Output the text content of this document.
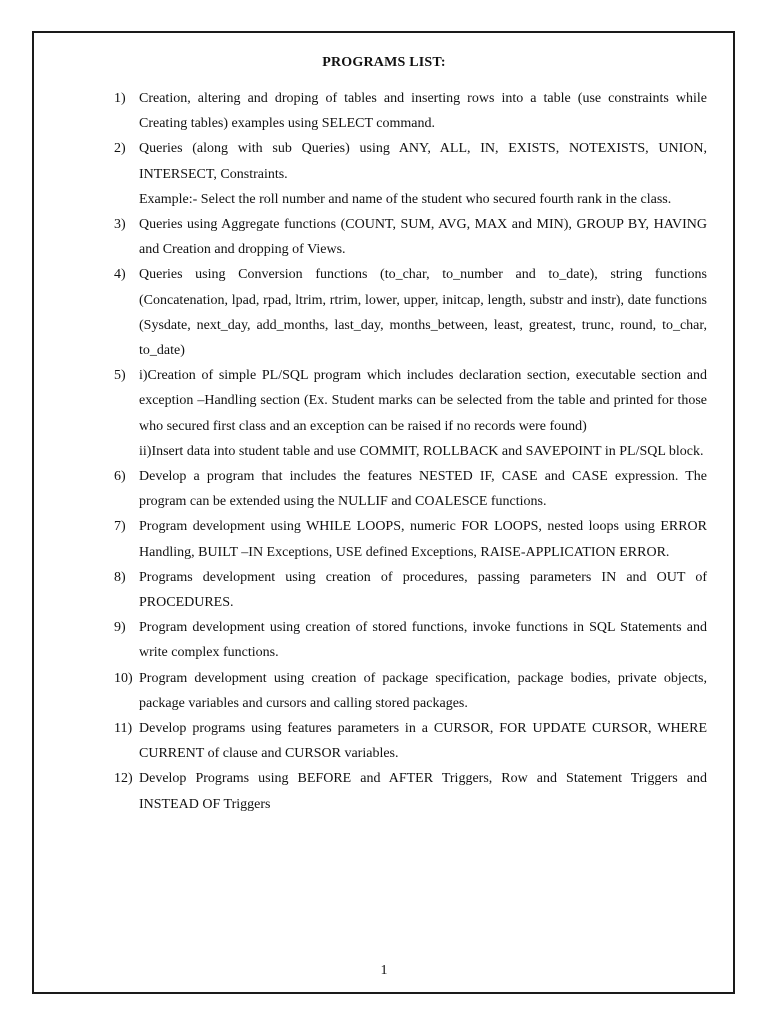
PROGRAMS LIST:
1) Creation, altering and droping of tables and inserting rows into a table (use constraints while Creating tables) examples using SELECT command.

2) Queries (along with sub Queries) using ANY, ALL, IN, EXISTS, NOTEXISTS, UNION, INTERSECT, Constraints.

Example:- Select the roll number and name of the student who secured fourth rank in the class.

3) Queries using Aggregate functions (COUNT, SUM, AVG, MAX and MIN), GROUP BY, HAVING and Creation and dropping of Views.

4) Queries using Conversion functions (to_char, to_number and to_date), string functions (Concatenation, lpad, rpad, ltrim, rtrim, lower, upper, initcap, length, substr and instr), date functions (Sysdate, next_day, add_months, last_day, months_between, least, greatest, trunc, round, to_char, to_date)

5) i)Creation of simple PL/SQL program which includes declaration section, executable section and exception –Handling section (Ex. Student marks can be selected from the table and printed for those who secured first class and an exception can be raised if no records were found)

ii)Insert data into student table and use COMMIT, ROLLBACK and SAVEPOINT in PL/SQL block.

6) Develop a program that includes the features NESTED IF, CASE and CASE expression. The program can be extended using the NULLIF and COALESCE functions.

7) Program development using WHILE LOOPS, numeric FOR LOOPS, nested loops using ERROR Handling, BUILT –IN Exceptions, USE defined Exceptions, RAISE-APPLICATION ERROR.

8) Programs development using creation of procedures, passing parameters IN and OUT of PROCEDURES.

9) Program development using creation of stored functions, invoke functions in SQL Statements and write complex functions.

10) Program development using creation of package specification, package bodies, private objects, package variables and cursors and calling stored packages.

11) Develop programs using features parameters in a CURSOR, FOR UPDATE CURSOR, WHERE CURRENT of clause and CURSOR variables.

12) Develop Programs using BEFORE and AFTER Triggers, Row and Statement Triggers and INSTEAD OF Triggers

1
